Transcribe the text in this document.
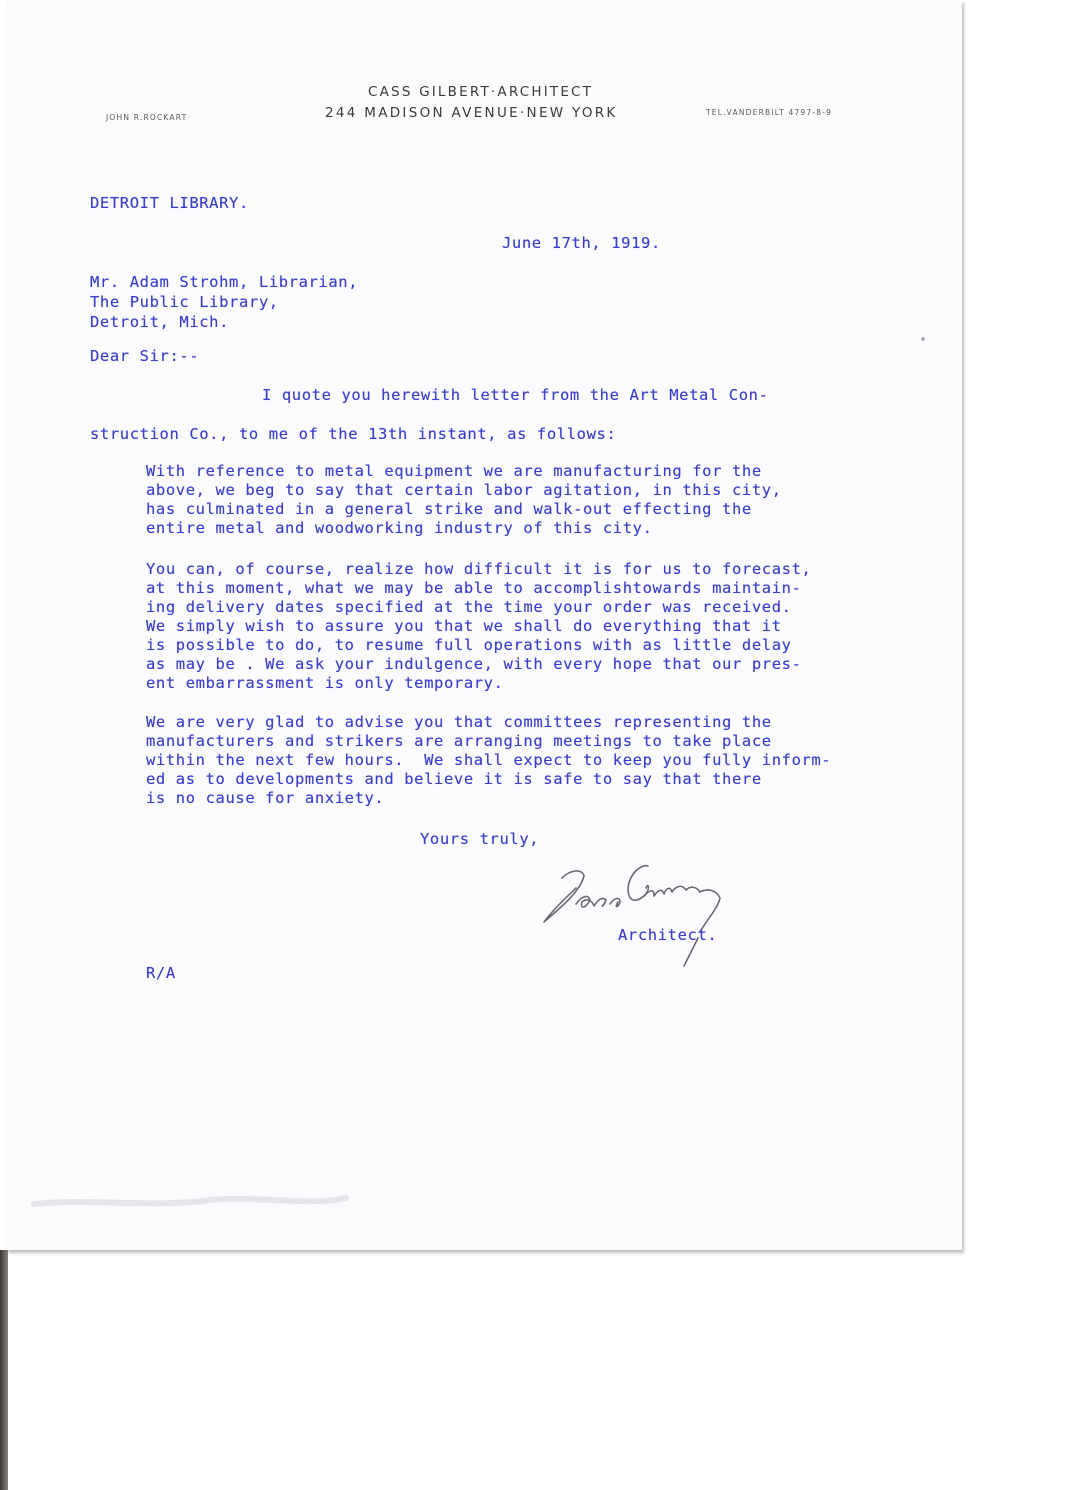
CASS GILBERT·ARCHITECT
244 MADISON AVENUE·NEW YORK
JOHN R.ROCKART
TEL.VANDERBILT 4797-8-9
DETROIT LIBRARY.
June 17th, 1919.
Mr. Adam Strohm, Librarian,
The Public Library,
Detroit, Mich.
Dear Sir:--
I quote you herewith letter from the Art Metal Con-
struction Co., to me of the 13th instant, as follows:
With reference to metal equipment we are manufacturing for the
above, we beg to say that certain labor agitation, in this city,
has culminated in a general strike and walk-out effecting the
entire metal and woodworking industry of this city.
You can, of course, realize how difficult it is for us to forecast,
at this moment, what we may be able to accomplishtowards maintain-
ing delivery dates specified at the time your order was received.
We simply wish to assure you that we shall do everything that it
is possible to do, to resume full operations with as little delay
as may be . We ask your indulgence, with every hope that our pres-
ent embarrassment is only temporary.
We are very glad to advise you that committees representing the
manufacturers and strikers are arranging meetings to take place
within the next few hours.  We shall expect to keep you fully inform-
ed as to developments and believe it is safe to say that there
is no cause for anxiety.
Yours truly,
Architect.
R/A
